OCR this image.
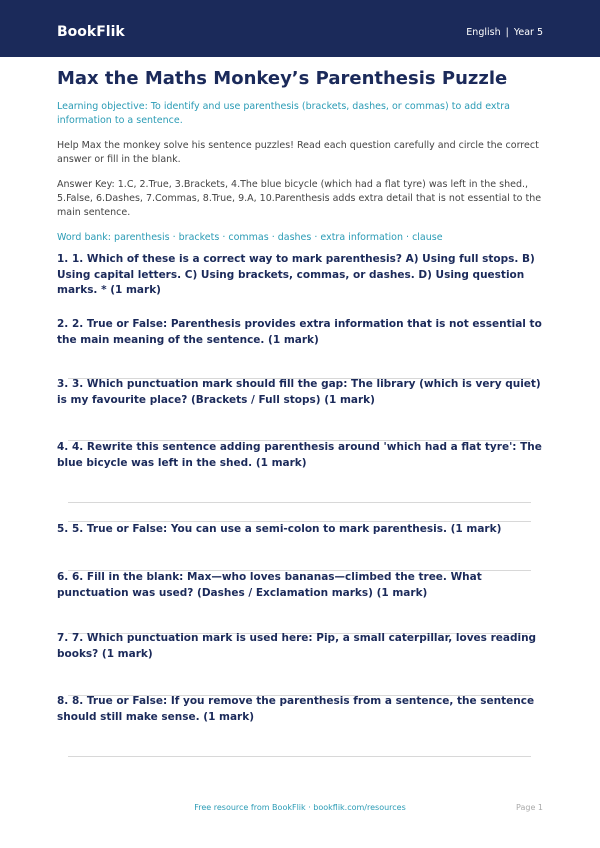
BookFlik	English | Year 5
Max the Maths Monkey’s Parenthesis Puzzle

Learning objective: To identify and use parenthesis (brackets, dashes, or commas) to add extra information to a sentence.

Help Max the monkey solve his sentence puzzles! Read each question carefully and circle the correct answer or fill in the blank.

Answer Key: 1.C, 2.True, 3.Brackets, 4.The blue bicycle (which had a flat tyre) was left in the shed., 5.False, 6.Dashes, 7.Commas, 8.True, 9.A, 10.Parenthesis adds extra detail that is not essential to the main sentence.

Word bank: parenthesis · brackets · commas · dashes · extra information · clause

1. 1. Which of these is a correct way to mark parenthesis? A) Using full stops. B) Using capital letters. C) Using brackets, commas, or dashes. D) Using question marks. * (1 mark)
2. 2. True or False: Parenthesis provides extra information that is not essential to the main meaning of the sentence. (1 mark)
3. 3. Which punctuation mark should fill the gap: The library (which is very quiet) is my favourite place? (Brackets / Full stops) (1 mark)
4. 4. Rewrite this sentence adding parenthesis around 'which had a flat tyre': The blue bicycle was left in the shed. (1 mark)
5. 5. True or False: You can use a semi-colon to mark parenthesis. (1 mark)
6. 6. Fill in the blank: Max—who loves bananas—climbed the tree. What punctuation was used? (Dashes / Exclamation marks) (1 mark)
7. 7. Which punctuation mark is used here: Pip, a small caterpillar, loves reading books? (1 mark)
8. 8. True or False: If you remove the parenthesis from a sentence, the sentence should still make sense. (1 mark)
Free resource from BookFlik · bookflik.com/resources	Page 1
